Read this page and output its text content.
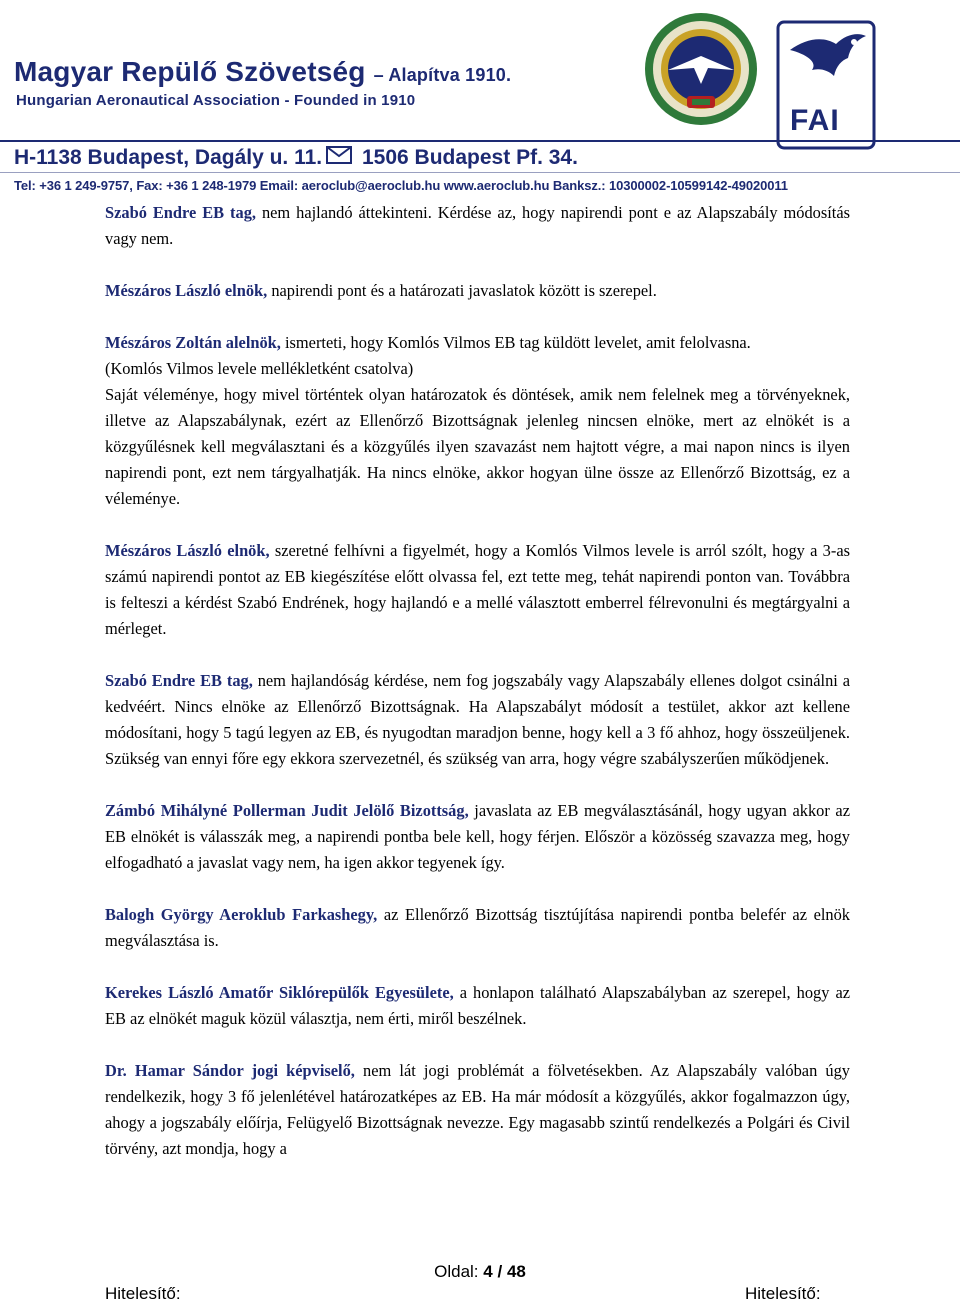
Magyar Repülő Szövetség – Alapítva 1910.
Hungarian Aeronautical Association - Founded in 1910
FAI
H-1138 Budapest, Dagály u. 11. 1506 Budapest Pf. 34.
Tel: +36 1 249-9757, Fax: +36 1 248-1979 Email: aeroclub@aeroclub.hu www.aeroclub.hu Banksz.: 10300002-10599142-49020011

Szabó Endre EB tag, nem hajlandó áttekinteni. Kérdése az, hogy napirendi pont e az Alapszabály módosítás vagy nem.

Mészáros László elnök, napirendi pont és a határozati javaslatok között is szerepel.

Mészáros Zoltán alelnök, ismerteti, hogy Komlós Vilmos EB tag küldött levelet, amit felolvasna.

(Komlós Vilmos levele mellékletként csatolva)

Saját véleménye, hogy mivel történtek olyan határozatok és döntések, amik nem felelnek meg a törvényeknek, illetve az Alapszabálynak, ezért az Ellenőrző Bizottságnak jelenleg nincsen elnöke, mert az elnökét is a közgyűlésnek kell megválasztani és a közgyűlés ilyen szavazást nem hajtott végre, a mai napon nincs is ilyen napirendi pont, ezt nem tárgyalhatják. Ha nincs elnöke, akkor hogyan ülne össze az Ellenőrző Bizottság, ez a véleménye.

Mészáros László elnök, szeretné felhívni a figyelmét, hogy a Komlós Vilmos levele is arról szólt, hogy a 3-as számú napirendi pontot az EB kiegészítése előtt olvassa fel, ezt tette meg, tehát napirendi ponton van. Továbbra is felteszi a kérdést Szabó Endrének, hogy hajlandó e a mellé választott emberrel félrevonulni és megtárgyalni a mérleget.

Szabó Endre EB tag, nem hajlandóság kérdése, nem fog jogszabály vagy Alapszabály ellenes dolgot csinálni a kedvéért. Nincs elnöke az Ellenőrző Bizottságnak. Ha Alapszabályt módosít a testület, akkor azt kellene módosítani, hogy 5 tagú legyen az EB, és nyugodtan maradjon benne, hogy kell a 3 fő ahhoz, hogy összeüljenek. Szükség van ennyi főre egy ekkora szervezetnél, és szükség van arra, hogy végre szabályszerűen működjenek.

Zámbó Mihályné Pollerman Judit Jelölő Bizottság, javaslata az EB megválasztásánál, hogy ugyan akkor az EB elnökét is válasszák meg, a napirendi pontba bele kell, hogy férjen. Először a közösség szavazza meg, hogy elfogadható a javaslat vagy nem, ha igen akkor tegyenek így.

Balogh György Aeroklub Farkashegy, az Ellenőrző Bizottság tisztújítása napirendi pontba belefér az elnök megválasztása is.

Kerekes László Amatőr Siklórepülők Egyesülete, a honlapon található Alapszabályban az szerepel, hogy az EB az elnökét maguk közül választja, nem érti, miről beszélnek.

Dr. Hamar Sándor jogi képviselő, nem lát jogi problémát a fölvetésekben. Az Alapszabály valóban úgy rendelkezik, hogy 3 fő jelenlétével határozatképes az EB. Ha már módosít a közgyűlés, akkor fogalmazzon úgy, ahogy a jogszabály előírja, Felügyelő Bizottságnak nevezze. Egy magasabb szintű rendelkezés a Polgári és Civil törvény, azt mondja, hogy a

Oldal: 4 / 48
Hitelesítő:	Hitelesítő:
